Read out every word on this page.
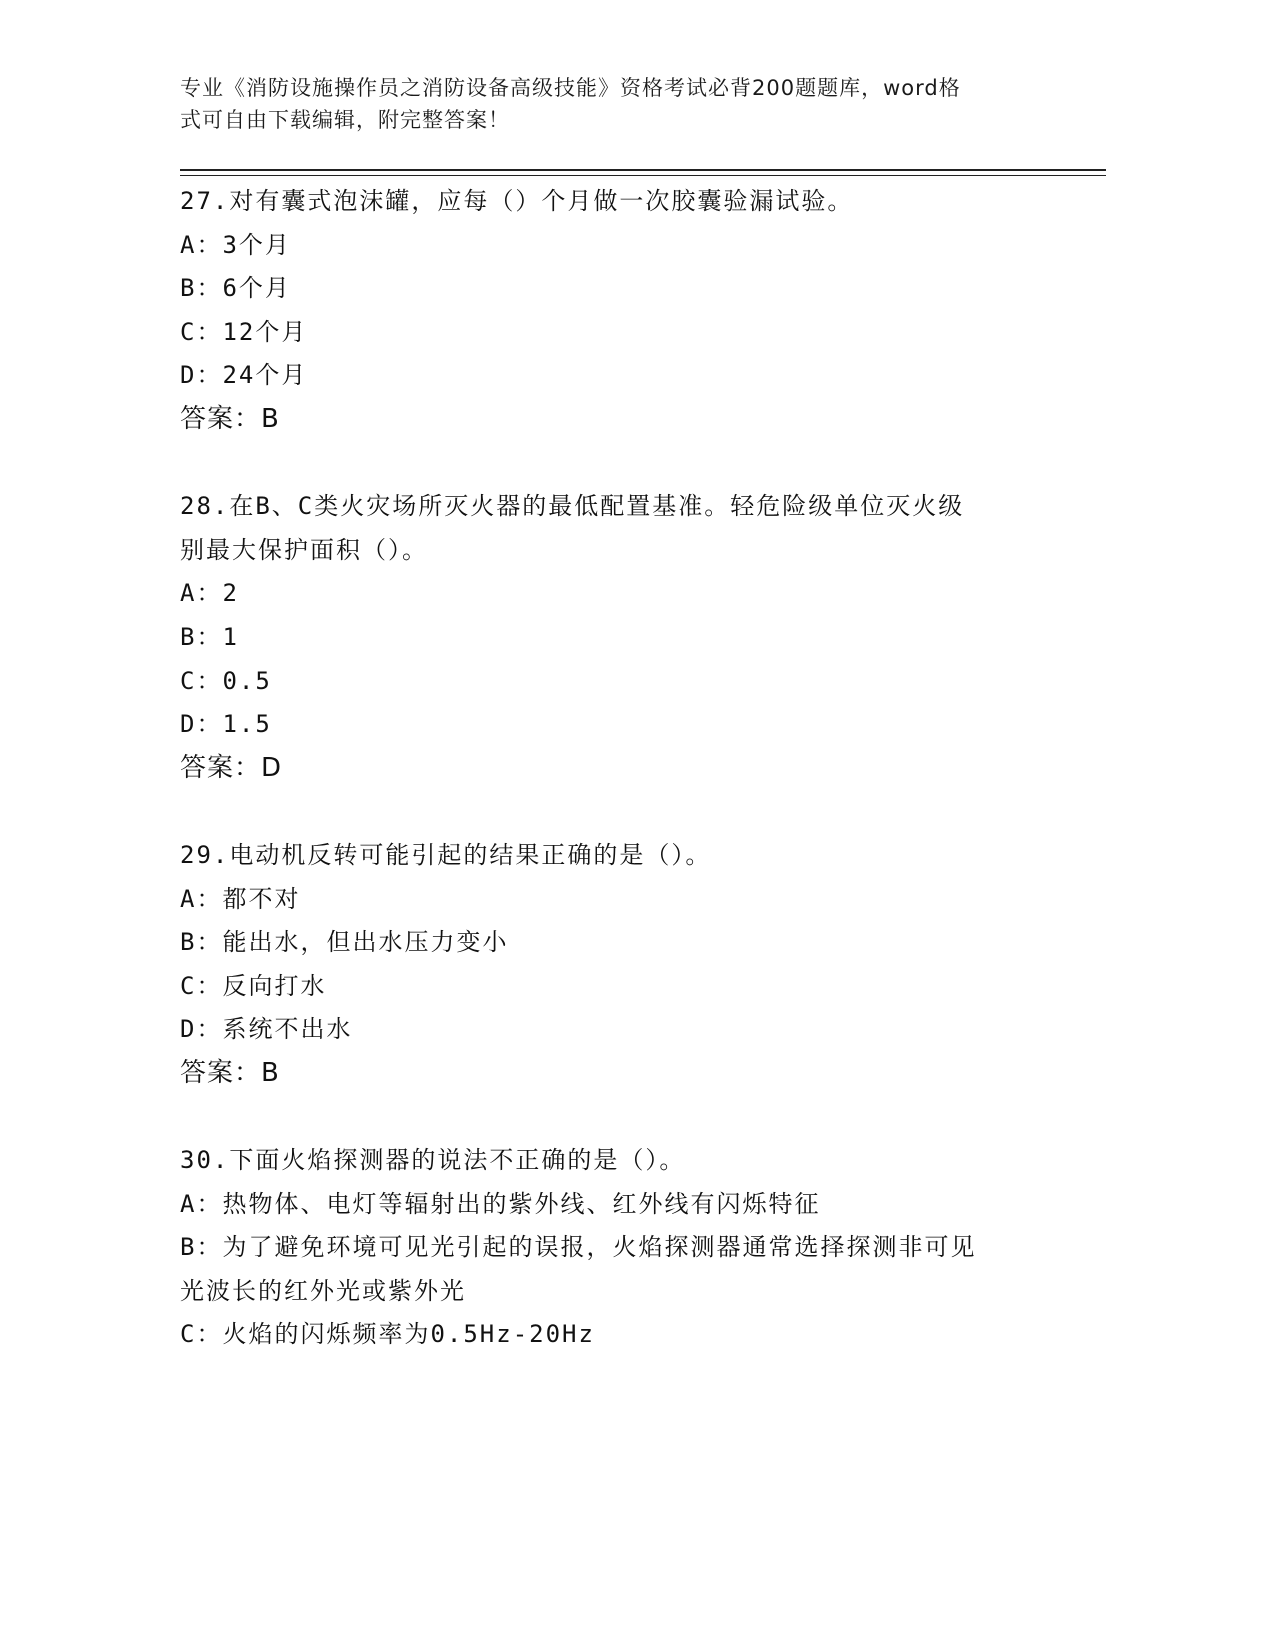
专业《消防设施操作员之消防设备高级技能》资格考试必背200题题库，word格
式可自由下载编辑，附完整答案！
27.对有囊式泡沫罐，应每（）个月做一次胶囊验漏试验。
A：3个月
B：6个月
C：12个月
D：24个月
答案：B
28.在B、C类火灾场所灭火器的最低配置基准。轻危险级单位灭火级
别最大保护面积（）。
A：2
B：1
C：0.5
D：1.5
答案：D
29.电动机反转可能引起的结果正确的是（）。
A：都不对
B：能出水，但出水压力变小
C：反向打水
D：系统不出水
答案：B
30.下面火焰探测器的说法不正确的是（）。
A：热物体、电灯等辐射出的紫外线、红外线有闪烁特征
B：为了避免环境可见光引起的误报，火焰探测器通常选择探测非可见
光波长的红外光或紫外光
C：火焰的闪烁频率为0.5Hz-20Hz
